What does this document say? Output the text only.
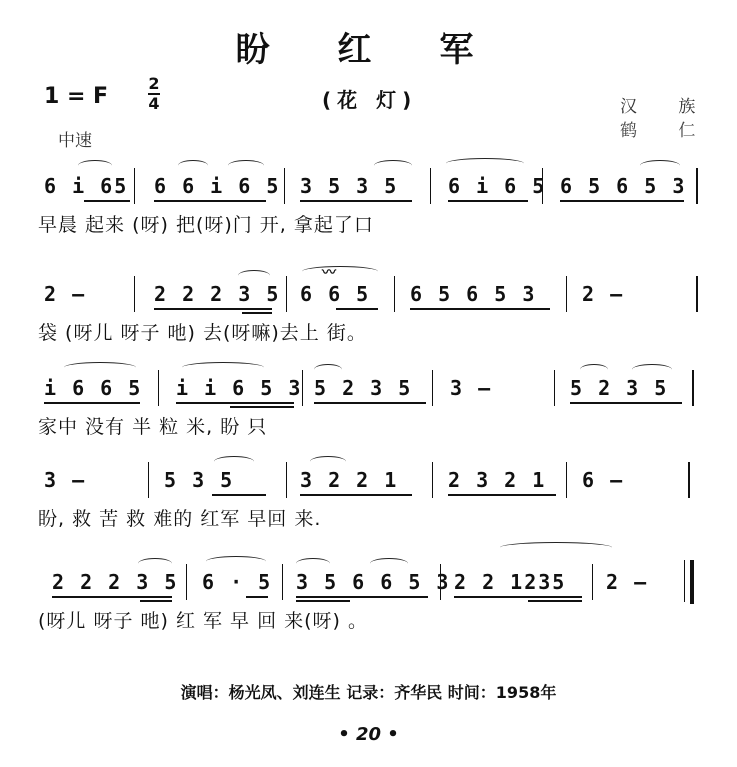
盼 红 军
1 = F
2
4	(花 灯)	汉 族
鹤 仁
中速
6 i 65 6 6 i 6 5 3 5 3 5 6 i 6 5 6 5 6 5 3
早晨 起来 (呀) 把(呀)门 开, 拿起了口
〰
2 —	2 2 2 3 5 6 6 5 6 5 6 5 3 2 —
袋 (呀儿 呀子 吔) 去(呀嘛)去上 街。
i 6 6 5 i i 6 5 3 5 2 3 5 3 —	5 2 3 5
家中 没有 半 粒 米, 盼 只
3 —	5 3 5	3 2 2 1 2 3 2 1 6 —
盼, 救 苦 救 难的 红军 早回 来.
2 2 2 3 5 6 · 5 3 5 6 6 5 3 2 2 1235 2 —
(呀儿 呀子 吔) 红 军 早 回 来(呀) 。
演唱：杨光凤、刘连生 记录：齐华民 时间：1958年
• 20 •
